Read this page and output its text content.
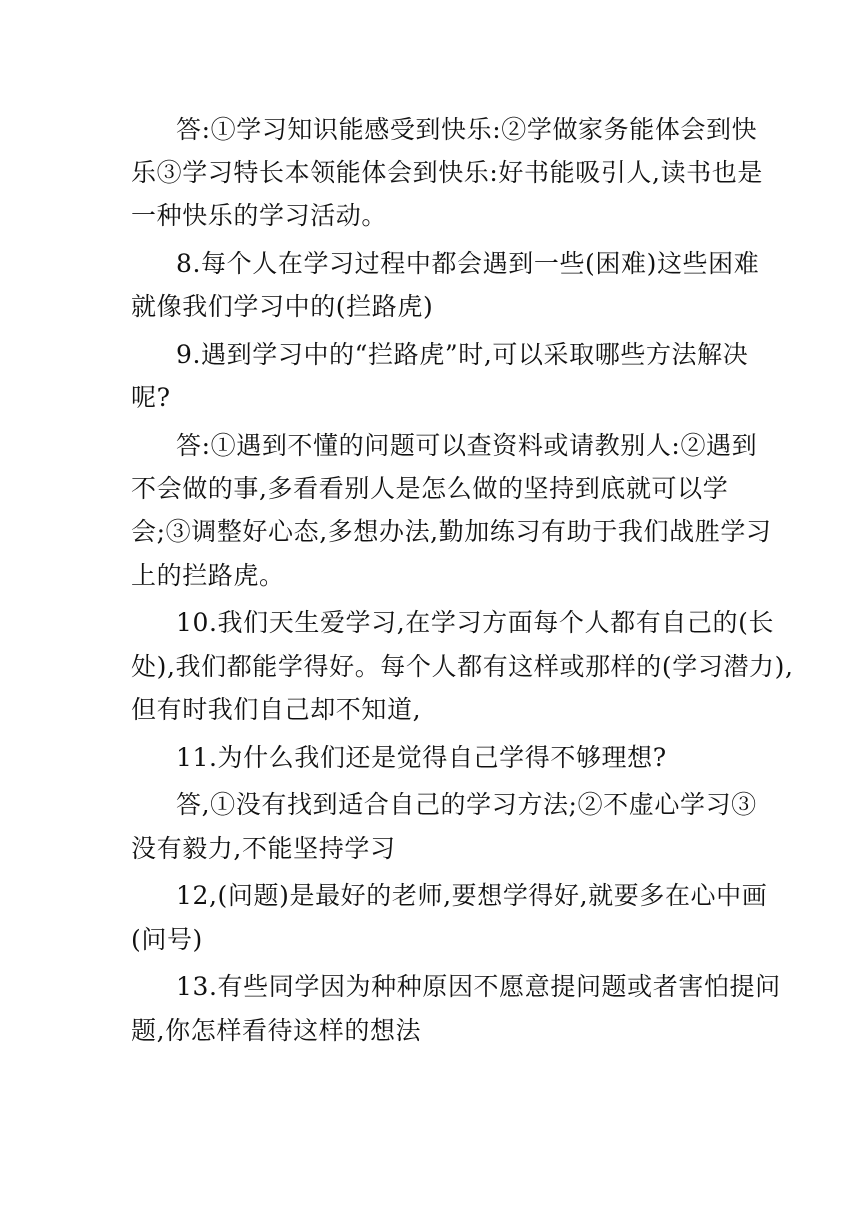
答:①学习知识能感受到快乐:②学做家务能体会到快
乐③学习特长本领能体会到快乐:好书能吸引人,读书也是
一种快乐的学习活动。
8.每个人在学习过程中都会遇到一些(困难)这些困难
就像我们学习中的(拦路虎)
9.遇到学习中的“拦路虎”时,可以采取哪些方法解决
呢?
答:①遇到不懂的问题可以查资料或请教别人:②遇到
不会做的事,多看看别人是怎么做的坚持到底就可以学
会;③调整好心态,多想办法,勤加练习有助于我们战胜学习
上的拦路虎。
10.我们天生爱学习,在学习方面每个人都有自己的(长
处),我们都能学得好。每个人都有这样或那样的(学习潜力),
但有时我们自己却不知道,
11.为什么我们还是觉得自己学得不够理想?
答,①没有找到适合自己的学习方法;②不虚心学习③
没有毅力,不能坚持学习
12,(问题)是最好的老师,要想学得好,就要多在心中画
(问号)
13.有些同学因为种种原因不愿意提问题或者害怕提问
题,你怎样看待这样的想法
